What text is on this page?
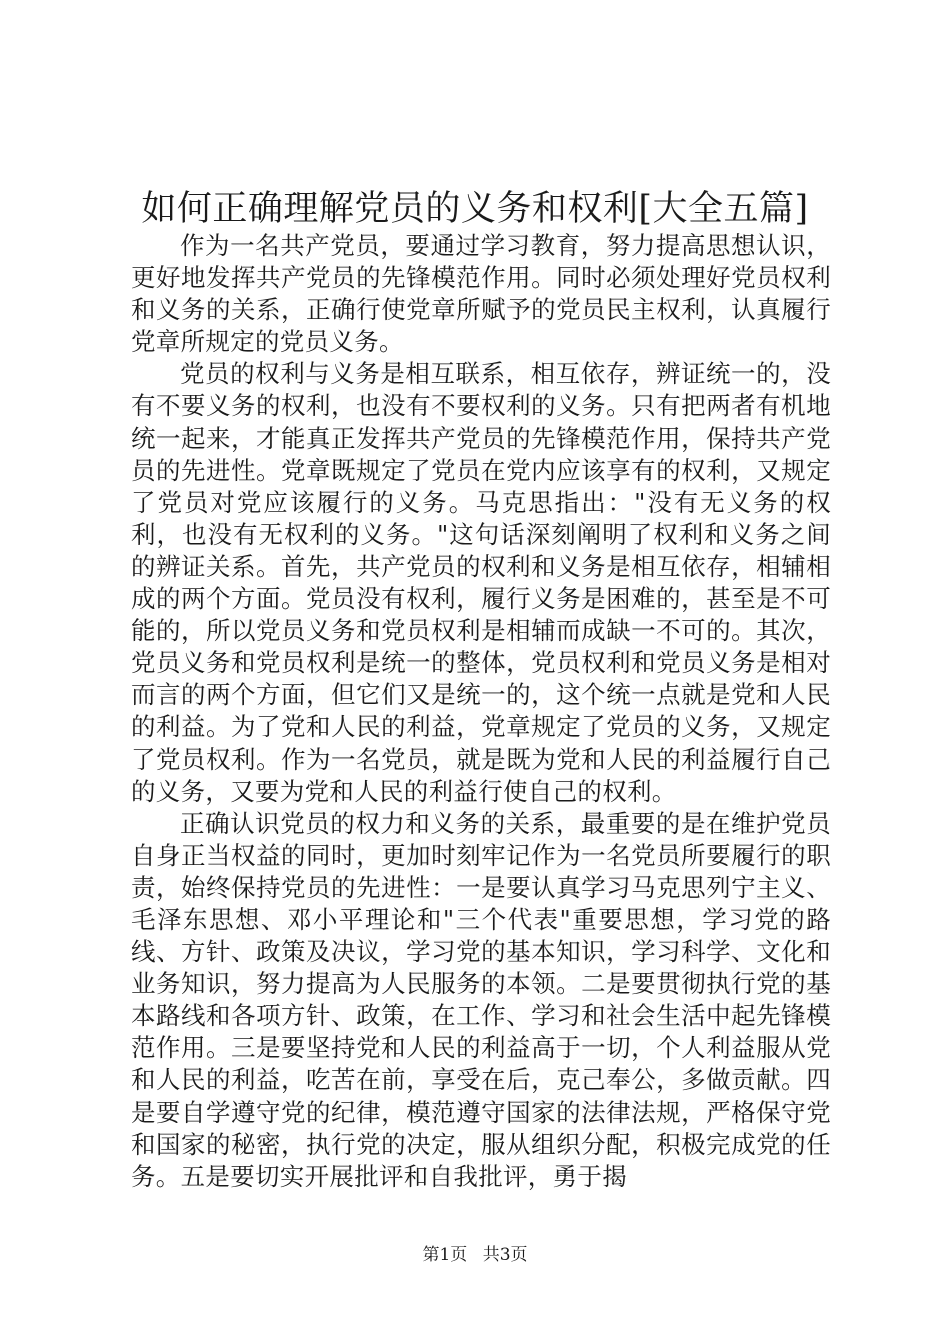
如何正确理解党员的义务和权利[大全五篇]

作为一名共产党员，要通过学习教育，努力提高思想认识，更好地发挥共产党员的先锋模范作用。同时必须处理好党员权利和义务的关系，正确行使党章所赋予的党员民主权利，认真履行党章所规定的党员义务。

党员的权利与义务是相互联系，相互依存，辨证统一的，没有不要义务的权利，也没有不要权利的义务。只有把两者有机地统一起来，才能真正发挥共产党员的先锋模范作用，保持共产党员的先进性。党章既规定了党员在党内应该享有的权利，又规定了党员对党应该履行的义务。马克思指出："没有无义务的权利，也没有无权利的义务。"这句话深刻阐明了权利和义务之间的辨证关系。首先，共产党员的权利和义务是相互依存，相辅相成的两个方面。党员没有权利，履行义务是困难的，甚至是不可能的，所以党员义务和党员权利是相辅而成缺一不可的。其次，党员义务和党员权利是统一的整体，党员权利和党员义务是相对而言的两个方面，但它们又是统一的，这个统一点就是党和人民的利益。为了党和人民的利益，党章规定了党员的义务，又规定了党员权利。作为一名党员，就是既为党和人民的利益履行自己的义务，又要为党和人民的利益行使自己的权利。

正确认识党员的权力和义务的关系，最重要的是在维护党员自身正当权益的同时，更加时刻牢记作为一名党员所要履行的职责，始终保持党员的先进性：一是要认真学习马克思列宁主义、毛泽东思想、邓小平理论和"三个代表"重要思想，学习党的路线、方针、政策及决议，学习党的基本知识，学习科学、文化和业务知识，努力提高为人民服务的本领。二是要贯彻执行党的基本路线和各项方针、政策，在工作、学习和社会生活中起先锋模范作用。三是要坚持党和人民的利益高于一切，个人利益服从党和人民的利益，吃苦在前，享受在后，克己奉公，多做贡献。四是要自学遵守党的纪律，模范遵守国家的法律法规，严格保守党和国家的秘密，执行党的决定，服从组织分配，积极完成党的任务。五是要切实开展批评和自我批评，勇于揭

第1页 共3页
